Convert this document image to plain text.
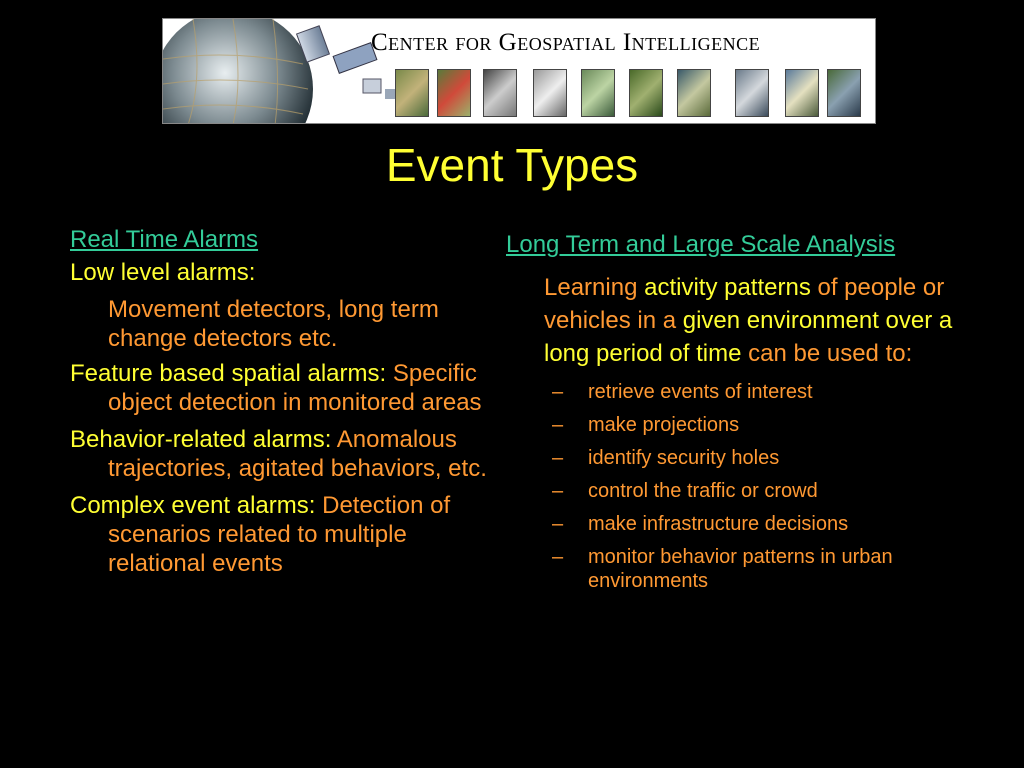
Center for Geospatial Intelligence
Event Types
Real Time Alarms

Low level alarms:

Movement detectors, long term change detectors etc.

Feature based spatial alarms: Specific object detection in monitored areas
Behavior-related alarms: Anomalous trajectories, agitated behaviors, etc.
Complex event alarms: Detection of scenarios related to multiple relational events
Long Term and Large Scale Analysis

Learning activity patterns of people or vehicles in a given environment over a long period of time can be used to:

– retrieve events of interest
– make projections
– identify security holes
– control the traffic or crowd
– make infrastructure decisions
– monitor behavior patterns in urban environments
